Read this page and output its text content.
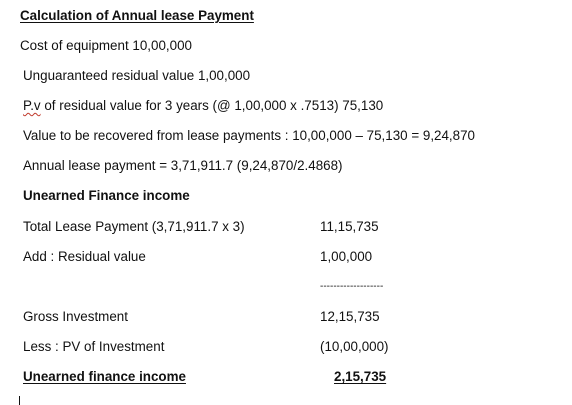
Calculation of Annual lease Payment
Cost of equipment 10,00,000
Unguaranteed residual value 1,00,000
P.v of residual value for 3 years (@ 1,00,000 x .7513) 75,130
Value to be recovered from lease payments : 10,00,000 – 75,130 = 9,24,870
Annual lease payment = 3,71,911.7 (9,24,870/2.4868)
Unearned Finance income
Total Lease Payment (3,71,911.7 x 3)	11,15,735
Add : Residual value	1,00,000
-------------------
Gross Investment	12,15,735
Less : PV of Investment	(10,00,000)
Unearned finance income	2,15,735
